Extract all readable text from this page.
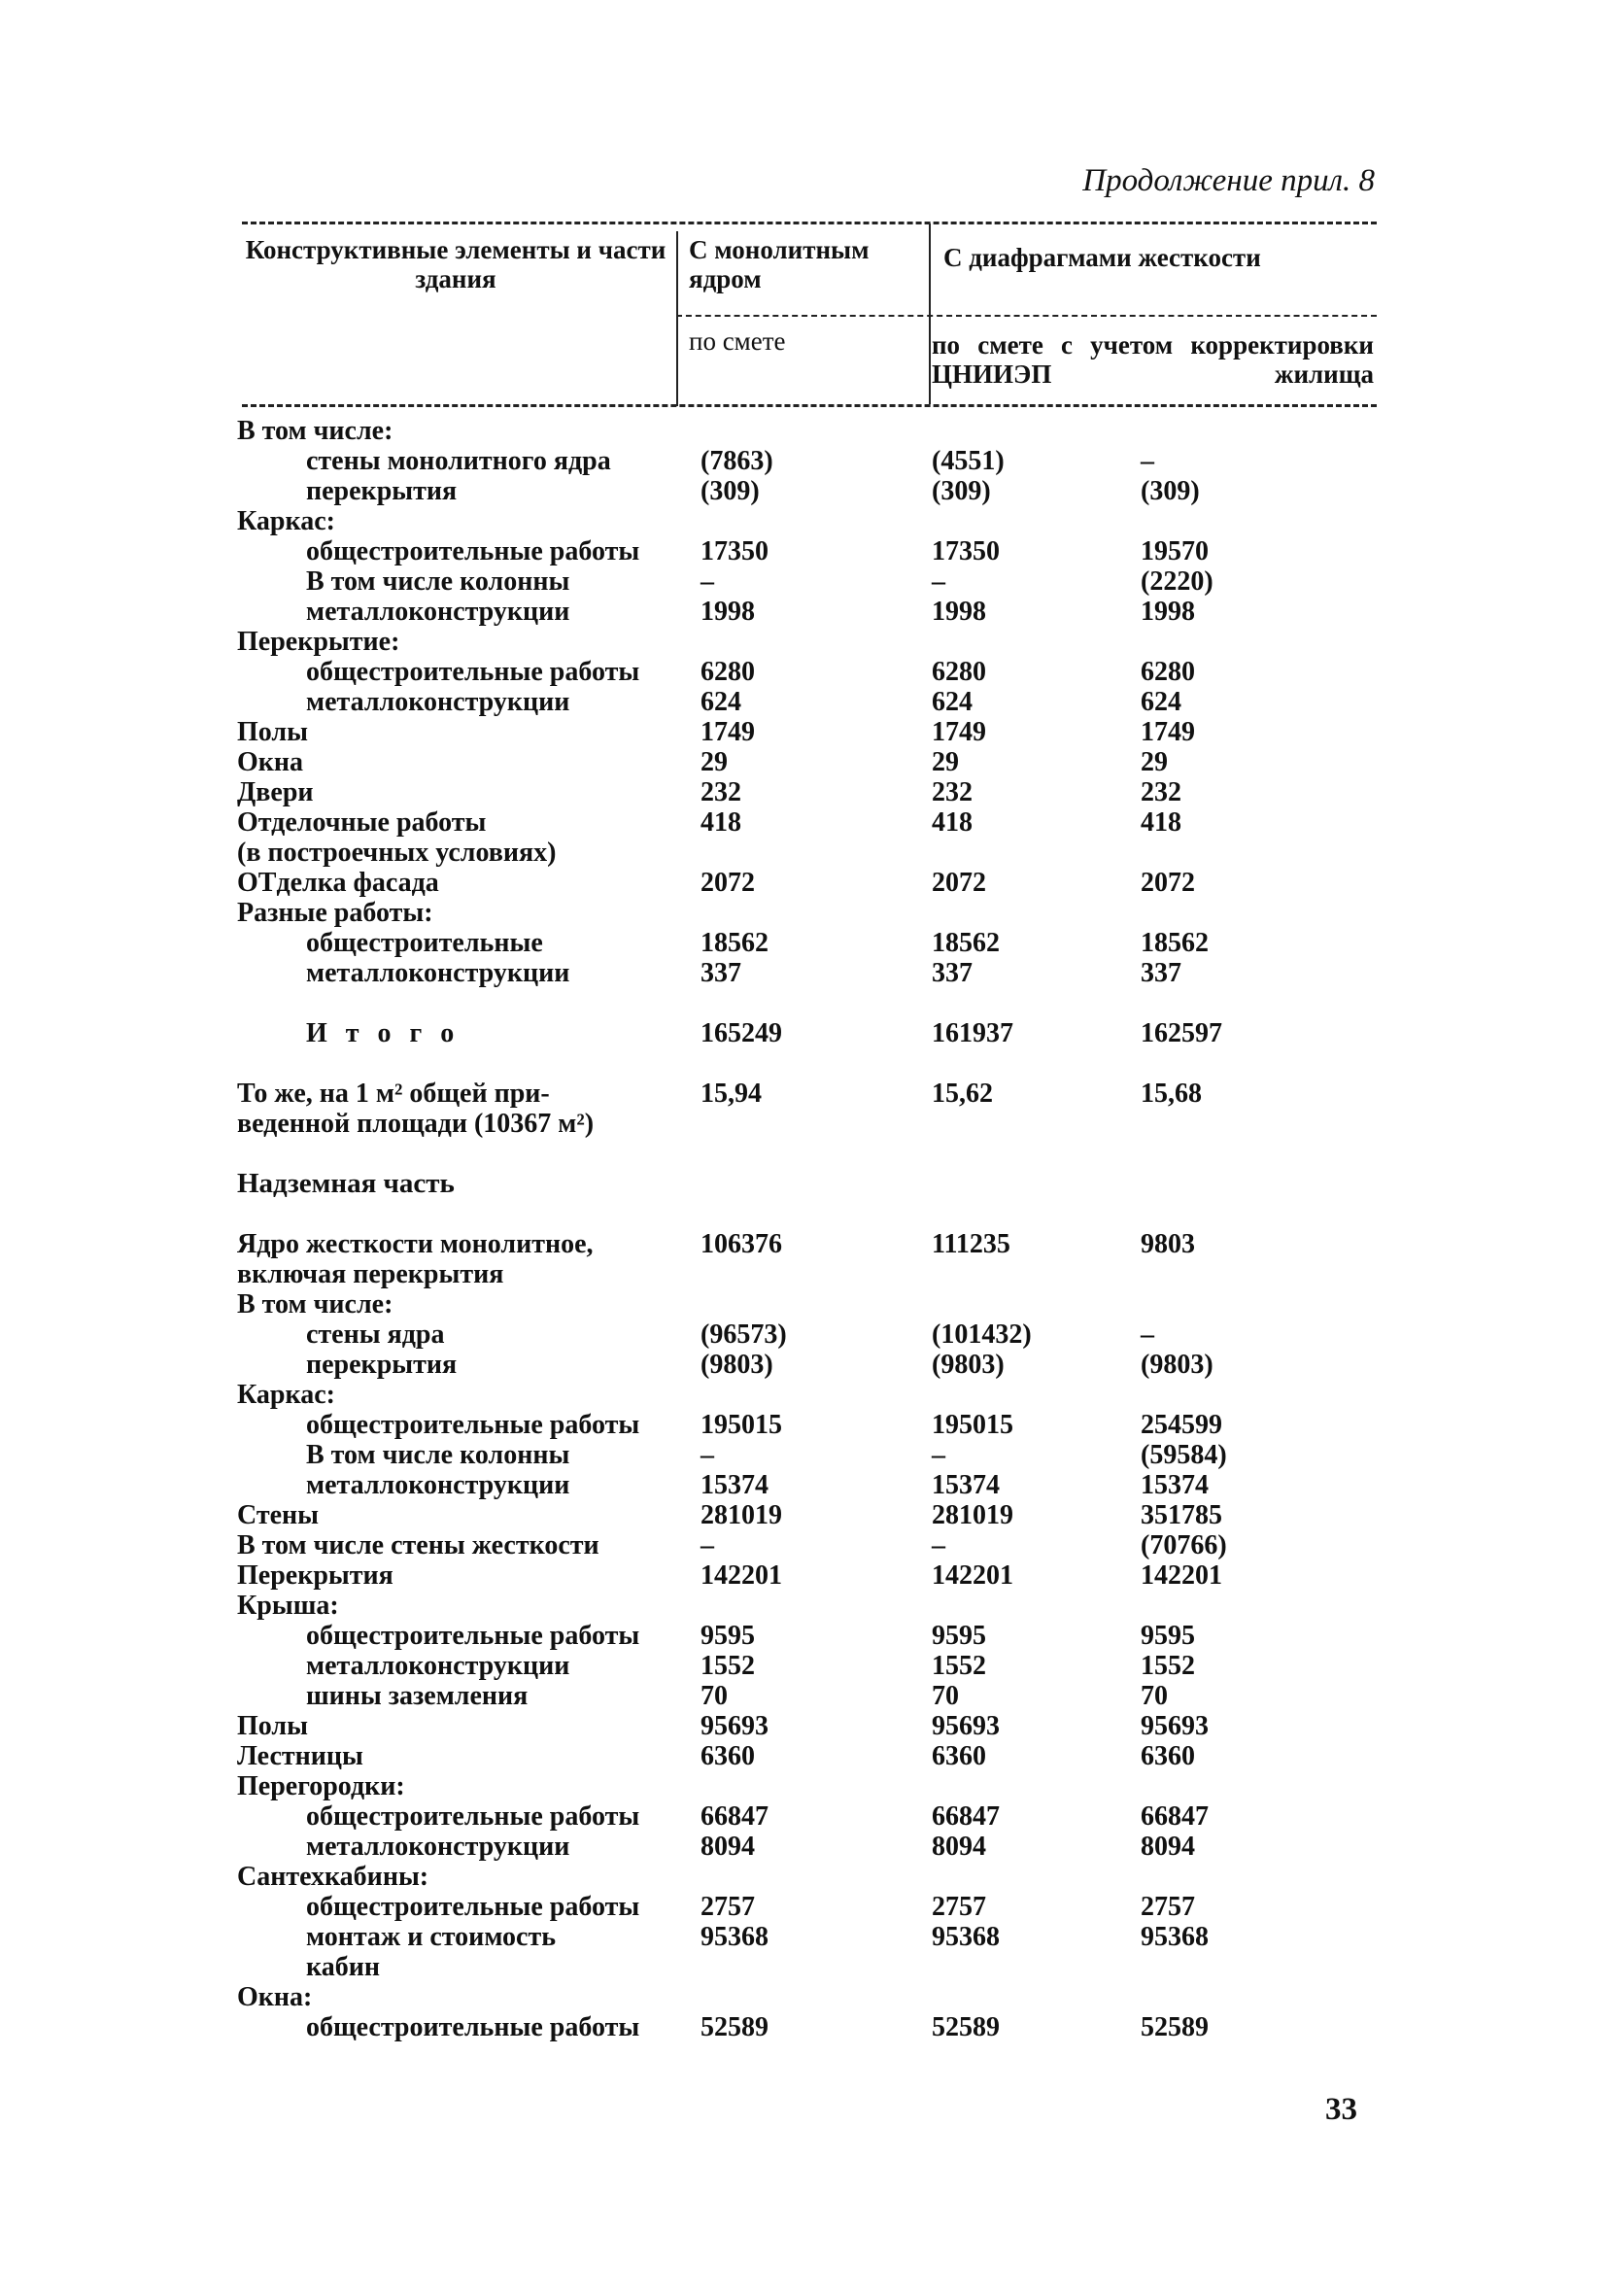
Продолжение прил. 8
Конструктивные элементы и части здания
С монолитным ядром
С диафрагмами жесткости
по смете	по смете с учетом корректировки ЦНИИЭП жилища
В том числе:
стены монолитного ядра	(7863)	(4551)	–
перекрытия	(309)	(309)	(309)
Каркас:
общестроительные работы 17350	17350	19570
В том числе колонны	–	–	(2220)
металлоконструкции	1998	1998	1998
Перекрытие:
общестроительные работы 6280	6280	6280
металлоконструкции	624	624	624
Полы	1749	1749	1749
Окна	29	29	29
Двери	232	232	232
Отделочные работы	418	418	418
(в построечных условиях)
ОТделка фасада	2072	2072	2072
Разные работы:
общестроительные	18562	18562	18562
металлоконструкции	337	337	337
И т о г о	165249	161937	162597
То же, на 1 м² общей при-	15,94	15,62	15,68
веденной площади (10367 м²)
Надземная часть
Ядро жесткости монолитное,	106376	111235	9803
включая перекрытия
В том числе:
стены ядра	(96573)	(101432)	–
перекрытия	(9803)	(9803)	(9803)
Каркас:
общестроительные работы 195015	195015	254599
В том числе колонны	–	–	(59584)
металлоконструкции	15374	15374	15374
Стены	281019	281019	351785
В том числе стены жесткости	–	–	(70766)
Перекрытия	142201	142201	142201
Крыша:
общестроительные работы 9595	9595	9595
металлоконструкции	1552	1552	1552
шины заземления	70	70	70
Полы	95693	95693	95693
Лестницы	6360	6360	6360
Перегородки:
общестроительные работы 66847	66847	66847
металлоконструкции	8094	8094	8094
Сантехкабины:
общестроительные работы 2757	2757	2757
монтаж и стоимость	95368	95368	95368
кабин
Окна:
общестроительные работы 52589	52589	52589
33
